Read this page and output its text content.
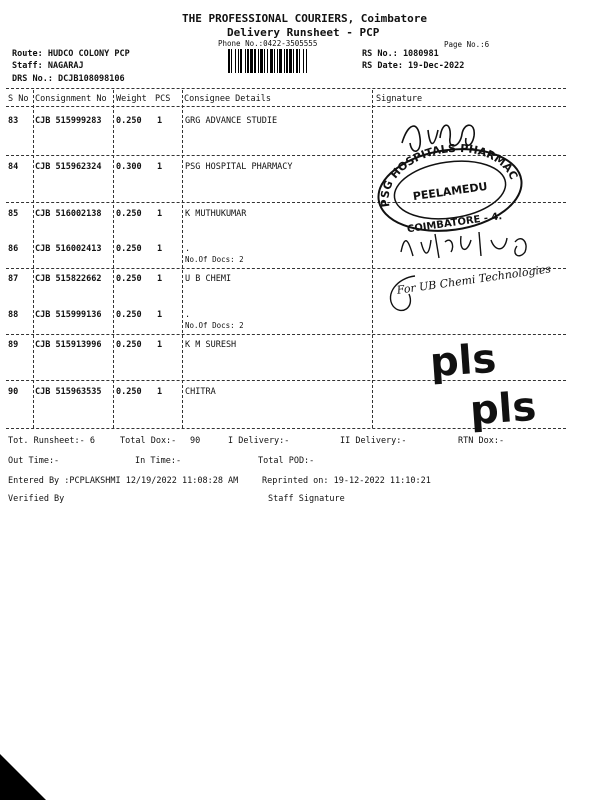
THE PROFESSIONAL COURIERS, Coimbatore
Delivery Runsheet - PCP
Phone No.:0422-3505555	Page No.:6
Route: HUDCO COLONY PCP
Staff: NAGARAJ
DRS No.: DCJB108098106
RS No.: 1080981
RS Date: 19-Dec-2022
S No Consignment No Weight PCS Consignee Details	Signature
83 CJB 515999283 0.250 1	GRG ADVANCE STUDIE
84 CJB 515962324 0.300 1	PSG HOSPITAL PHARMACY
85 CJB 516002138 0.250 1	K MUTHUKUMAR
86 CJB 516002413 0.250 1	.
No.Of Docs: 2
87 CJB 515822662 0.250 1	U B CHEMI
88 CJB 515999136 0.250 1	.
No.Of Docs: 2
89 CJB 515913996 0.250 1	K M SURESH
90 CJB 515963535 0.250 1	CHITRA
PSG HOSPITALS PHARMACY
PEELAMEDU
COIMBATORE - 4.
For UB Chemi Technologies
pls
pls
Tot. Runsheet:- 6	Total Dox:- 90	I Delivery:-	II Delivery:-	RTN Dox:-
Out Time:-	In Time:-	Total POD:-
Entered By :PCPLAKSHMI 12/19/2022 11:08:28 AM	Reprinted on: 19-12-2022 11:10:21
Verified By	Staff Signature
